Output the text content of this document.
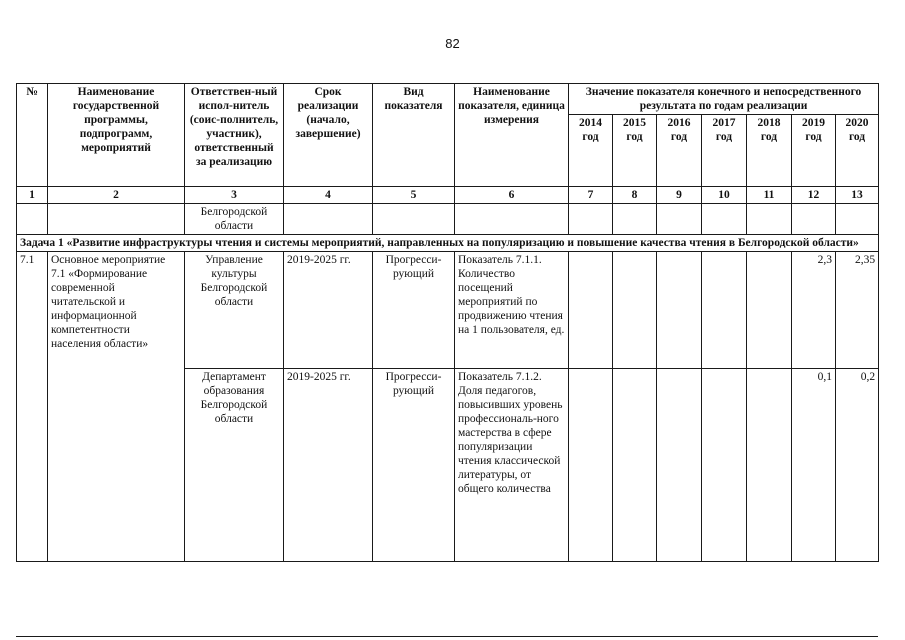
82
№	Наименование государственной программы, подпрограмм, мероприятий	Ответствен-ный испол-нитель (соис-полнитель, участник), ответственный за реализацию	Срок реализации (начало, завершение)	Вид показателя	Наименование показателя, единица измерения	Значение показателя конечного и непосредственного результата по годам реализации						
						2014 год	2015 год	2016 год	2017 год	2018 год	2019 год	2020 год
1	2	3	4	5	6	7	8	9	10	11	12	13
		Белгородской области										
Задача 1 «Развитие инфраструктуры чтения и системы мероприятий, направленных на популяризацию и повышение качества чтения в Белгородской области»												
7.1	Основное мероприятие 7.1 «Формирование современной читательской и информационной компетентности населения области»	Управление культуры Белгородской области	2019-2025 гг.	Прогресси-рующий	Показатель 7.1.1. Количество посещений мероприятий по продвижению чтения на 1 пользователя, ед.						2,3	2,35
		Департамент образования Белгородской области	2019-2025 гг.	Прогресси-рующий	Показатель 7.1.2. Доля педагогов, повысивших уровень профессиональ-ного мастерства в сфере популяризации чтения классической литературы, от общего количества						0,1	0,2
